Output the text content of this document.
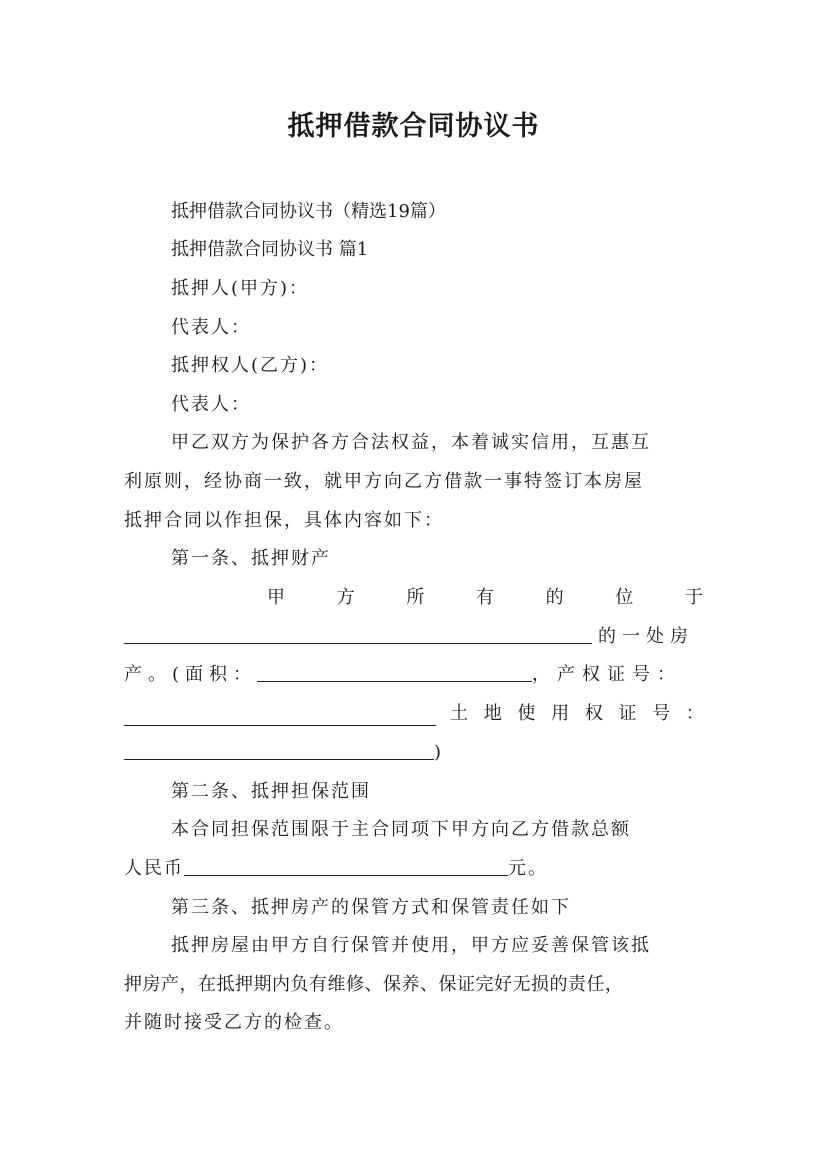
抵押借款合同协议书
抵押借款合同协议书（精选19篇）
抵押借款合同协议书 篇1
抵押人(甲方)：
代表人：
抵押权人(乙方)：
代表人：
甲乙双方为保护各方合法权益，本着诚实信用，互惠互
利原则，经协商一致，就甲方向乙方借款一事特签订本房屋
抵押合同以作担保，具体内容如下：
第一条、抵押财产
甲	方	所	有	的	位	于
的一处房
产。(面积：	，产权证号：
土 地 使 用 权 证 号 ：
)
第二条、抵押担保范围
本合同担保范围限于主合同项下甲方向乙方借款总额
人民币	元。
第三条、抵押房产的保管方式和保管责任如下
抵押房屋由甲方自行保管并使用，甲方应妥善保管该抵
押房产，在抵押期内负有维修、保养、保证完好无损的责任，
并随时接受乙方的检查。
